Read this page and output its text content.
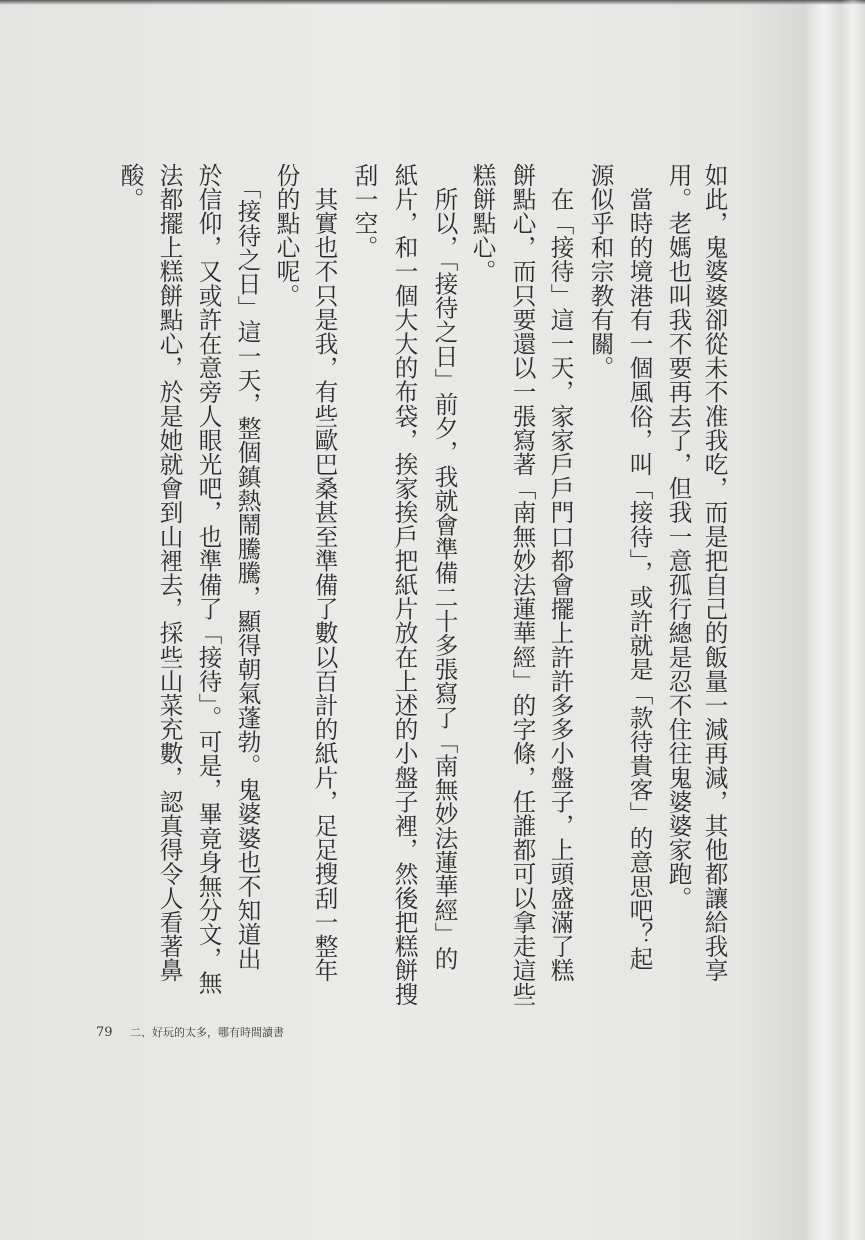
如此，鬼婆婆卻從未不准我吃，而是把自己的飯量一減再減，其他都讓給我享
用。老媽也叫我不要再去了，但我一意孤行總是忍不住往鬼婆婆家跑。
　當時的境港有一個風俗，叫「接待」，或許就是「款待貴客」的意思吧？起
源似乎和宗教有關。
　在「接待」這一天，家家戶戶門口都會擺上許許多多小盤子，上頭盛滿了糕
餅點心，而只要還以一張寫著「南無妙法蓮華經」的字條，任誰都可以拿走這些
糕餅點心。
　所以，「接待之日」前夕，我就會準備二十多張寫了「南無妙法蓮華經」的
紙片，和一個大大的布袋，挨家挨戶把紙片放在上述的小盤子裡，然後把糕餅搜
刮一空。
　其實也不只是我，有些歐巴桑甚至準備了數以百計的紙片，足足搜刮一整年
份的點心呢。
　「接待之日」這一天，整個鎮熱鬧騰騰，顯得朝氣蓬勃。鬼婆婆也不知道出
於信仰，又或許在意旁人眼光吧，也準備了「接待」。可是，畢竟身無分文，無
法都擺上糕餅點心，於是她就會到山裡去，採些山菜充數，認真得令人看著鼻
酸。
79 二、好玩的太多，哪有時間讀書
